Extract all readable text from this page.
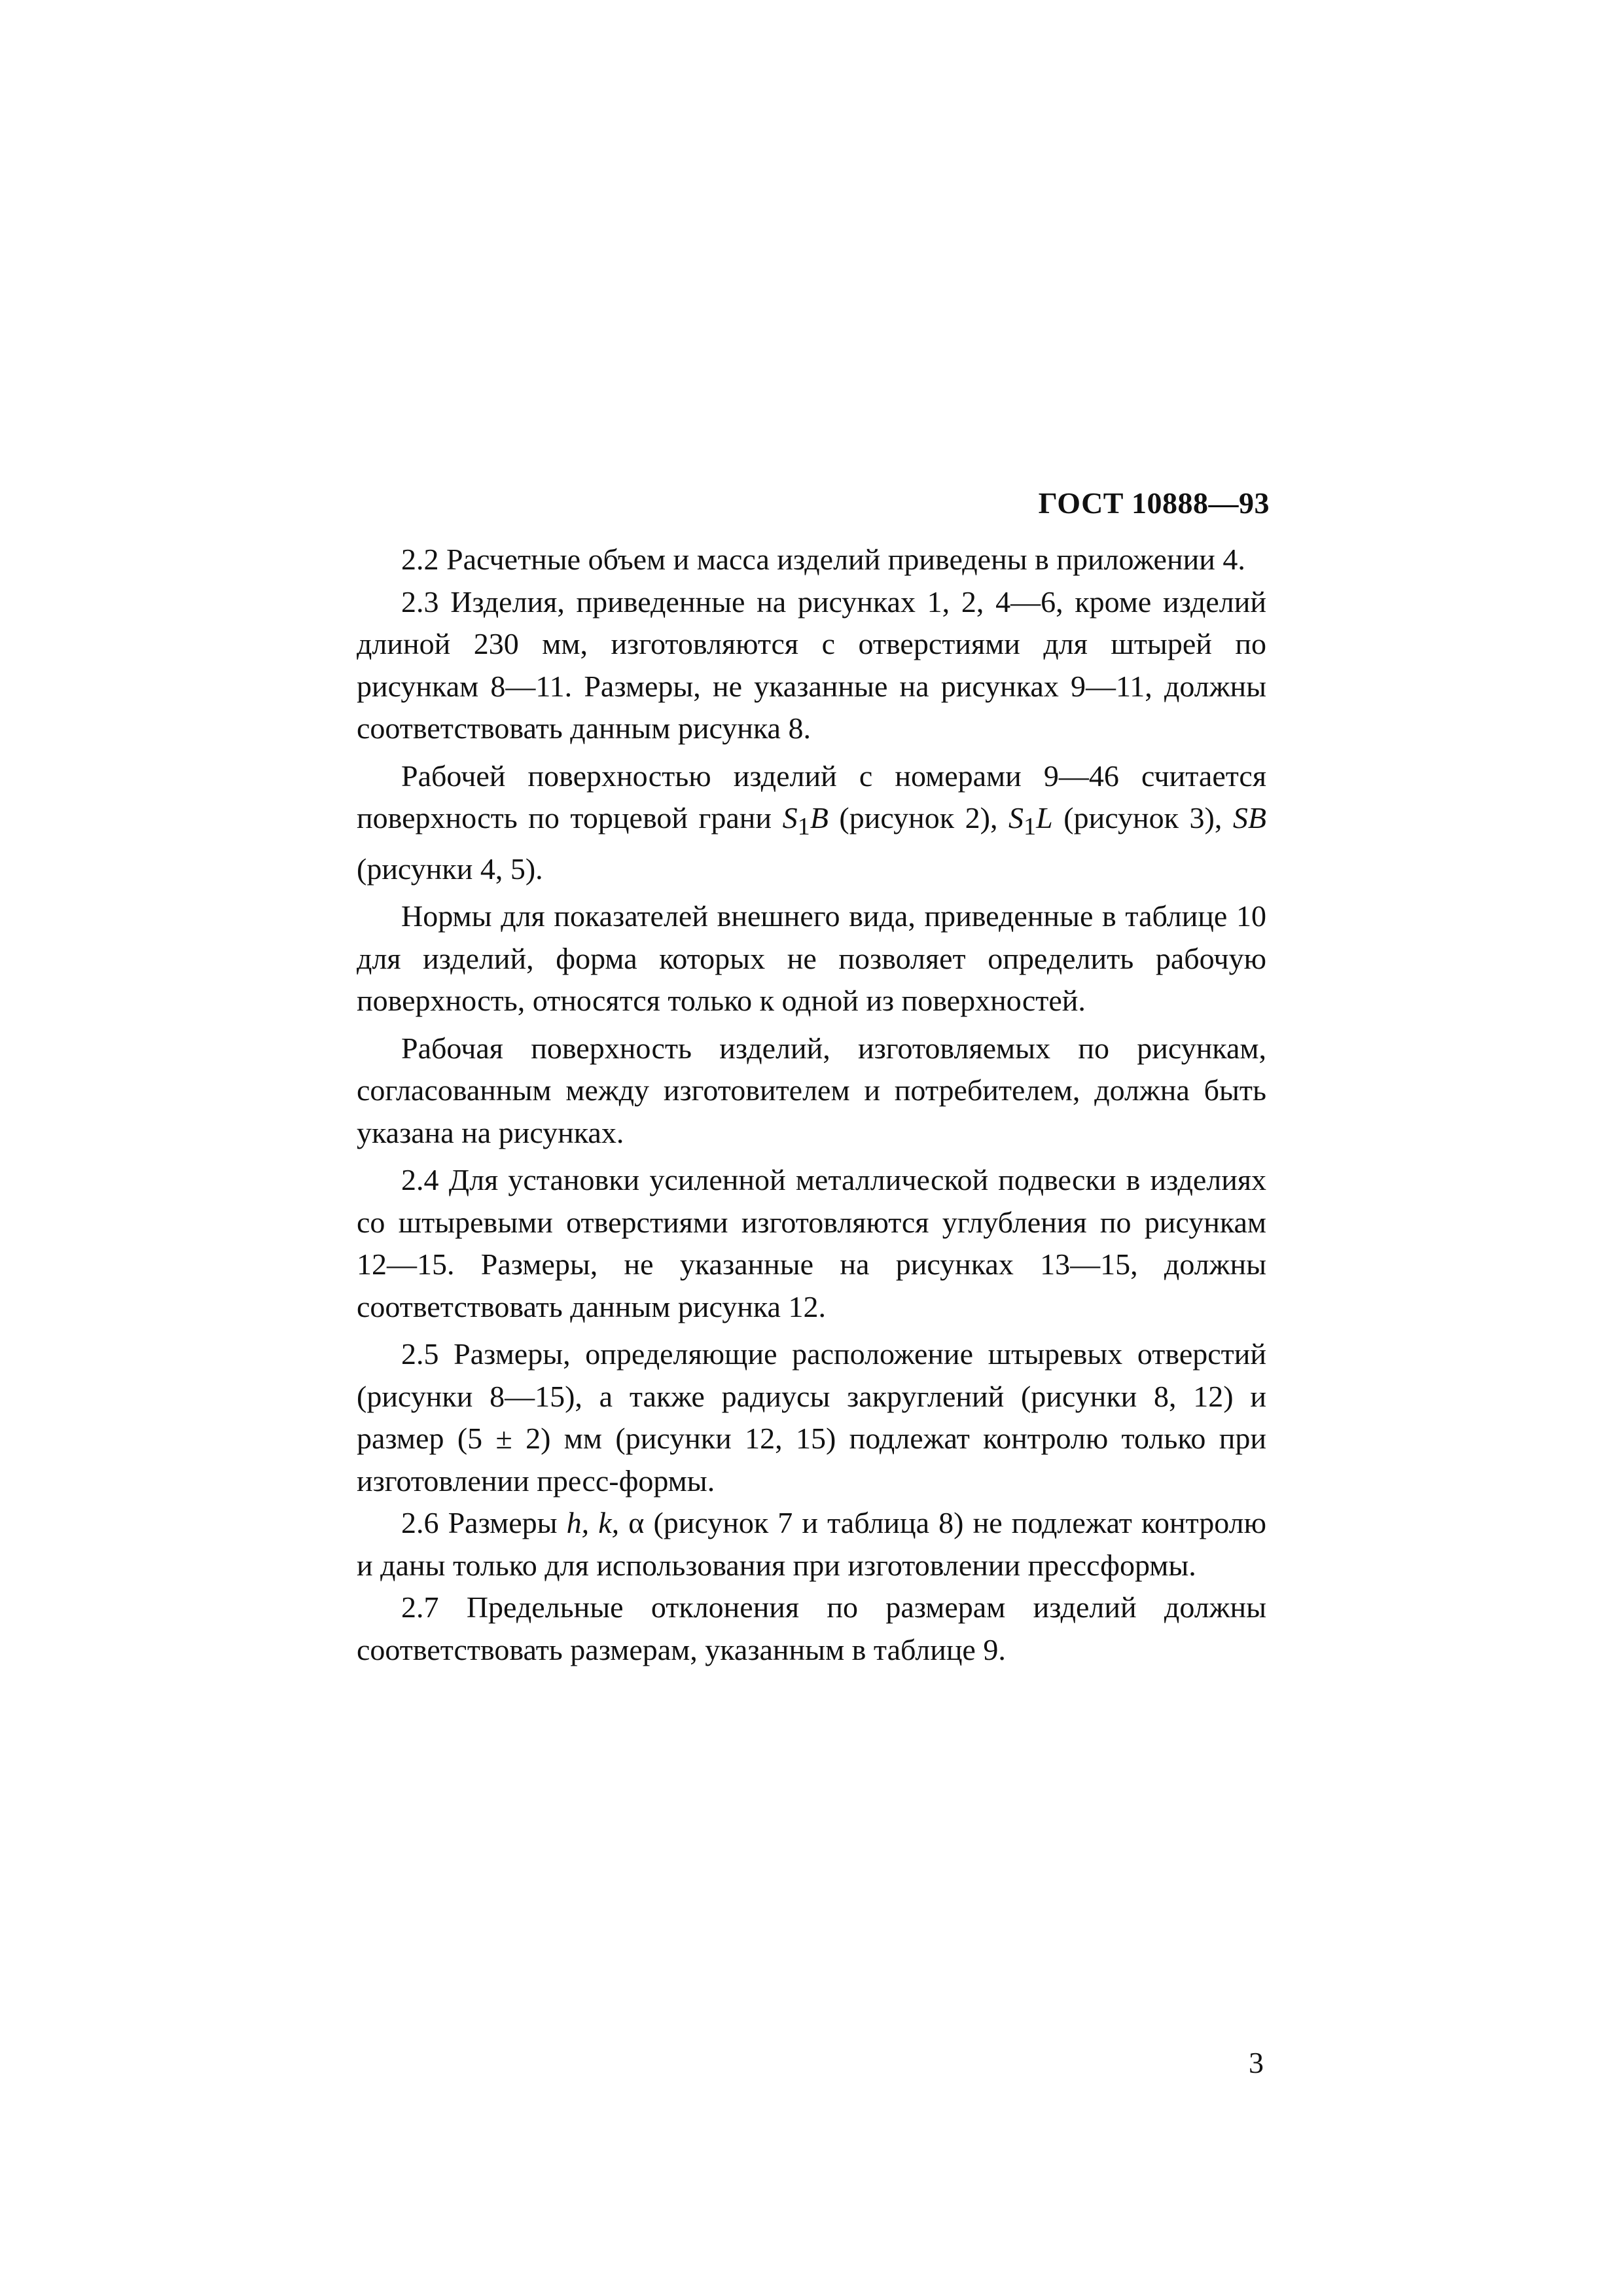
ГОСТ 10888—93

2.2 Расчетные объем и масса изделий приведены в приложении 4.

2.3 Изделия, приведенные на рисунках 1, 2, 4—6, кроме изделий длиной 230 мм, изготовляются с отверстиями для штырей по рисункам 8—11. Размеры, не указанные на рисунках 9—11, должны соответствовать данным рисунка 8.

Рабочей поверхностью изделий с номерами 9—46 считается поверхность по торцевой грани $S_1B$ (рисунок 2), $S_1L$ (рисунок 3), SB (рисунки 4, 5).

Нормы для показателей внешнего вида, приведенные в таблице 10 для изделий, форма которых не позволяет определить рабочую поверхность, относятся только к одной из поверхностей.

Рабочая поверхность изделий, изготовляемых по рисункам, согласованным между изготовителем и потребителем, должна быть указана на рисунках.

2.4 Для установки усиленной металлической подвески в изделиях со штыревыми отверстиями изготовляются углубления по рисункам 12—15. Размеры, не указанные на рисунках 13—15, должны соответствовать данным рисунка 12.

2.5 Размеры, определяющие расположение штыревых отверстий (рисунки 8—15), а также радиусы закруглений (рисунки 8, 12) и размер (5 ± 2) мм (рисунки 12, 15) подлежат контролю только при изготовлении пресс-формы.

2.6 Размеры h, k, α (рисунок 7 и таблица 8) не подлежат контролю и даны только для использования при изготовлении прессформы.

2.7 Предельные отклонения по размерам изделий должны соответствовать размерам, указанным в таблице 9.

3
